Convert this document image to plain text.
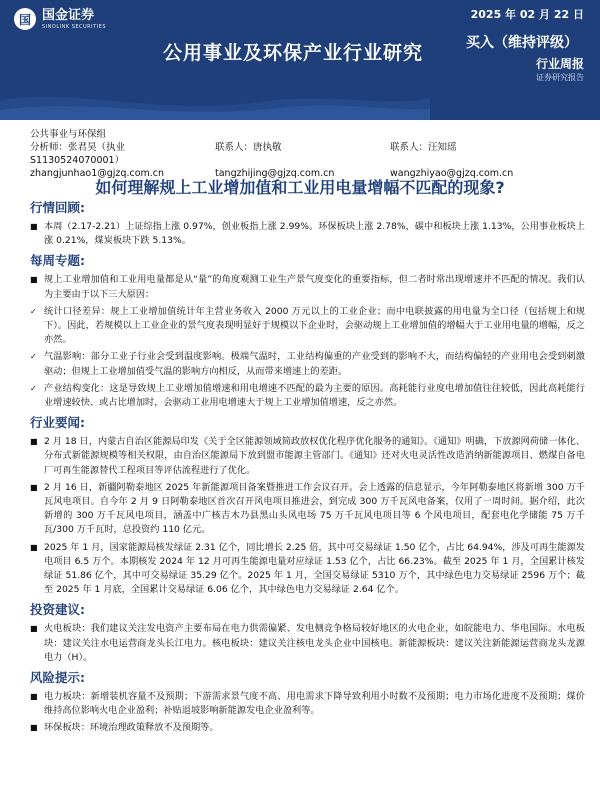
国 国金证券
SINOLINK SECURITIES
2025 年 02 月 22 日
公用事业及环保产业行业研究	买入（维持评级）
行业周报
证券研究报告
公共事业与环保组
分析师：张君昊（执业 S1130524070001）
联系人：唐执敬	联系人：汪知瑶
zhangjunhao1@gjzq.com.cn	tangzhijing@gjzq.com.cn	wangzhiyao@gjzq.com.cn
如何理解规上工业增加值和工业用电量增幅不匹配的现象?
行情回顾:
■ 本周（2.17-2.21）上证综指上涨 0.97%，创业板指上涨 2.99%。环保板块上涨 2.78%，碳中和板块上涨 1.13%，公用事业板块上涨 0.21%，煤炭板块下跌 5.13%。
每周专题:
■ 规上工业增加值和工业用电量都是从“量”的角度观测工业生产景气度变化的重要指标，但二者时常出现增速并不匹配的情况。我们认为主要由于以下三大原因：
✓ 统计口径差异：规上工业增加值统计年主营业务收入 2000 万元以上的工业企业；而中电联披露的用电量为全口径（包括规上和规下）。因此，若规模以上工业企业的景气度表现明显好于规模以下企业时，会驱动规上工业增加值的增幅大于工业用电量的增幅，反之亦然。
✓ 气温影响：部分工业子行业会受到温度影响。极端气温时，工业结构偏重的产业受到的影响不大，而结构偏轻的产业用电会受到刺激驱动；但规上工业增加值受气温的影响方向相反，从而带来增速上的差距。
✓ 产业结构变化：这是导致规上工业增加值增速和用电增速不匹配的最为主要的原因。高耗能行业度电增加值往往较低，因此高耗能行业增速较快、或占比增加时，会驱动工业用电增速大于规上工业增加值增速，反之亦然。
行业要闻:
■ 2 月 18 日，内蒙古自治区能源局印发《关于全区能源领域简政放权优化程序优化服务的通知》。《通知》明确，下放源网荷储一体化、分布式新能源规模等相关权限，由自治区能源局下放到盟市能源主管部门。《通知》还对火电灵活性改造消纳新能源项目、燃煤自备电厂可再生能源替代工程项目等评估流程进行了优化。
■ 2 月 16 日，新疆阿勒泰地区 2025 年新能源项目备案暨推进工作会议召开。会上透露的信息显示，今年阿勒泰地区将新增 300 万千瓦风电项目。自今年 2 月 9 日阿勒泰地区首次召开风电项目推进会，到完成 300 万千瓦风电备案，仅用了一周时间。据介绍，此次新增的 300 万千瓦风电项目，涵盖中广核吉木乃县黑山头风电场 75 万千瓦风电项目等 6 个风电项目，配套电化学储能 75 万千瓦/300 万千瓦时，总投资约 110 亿元。
■ 2025 年 1 月，国家能源局核发绿证 2.31 亿个，同比增长 2.25 倍，其中可交易绿证 1.50 亿个，占比 64.94%，涉及可再生能源发电项目 6.5 万个。本期核发 2024 年 12 月可再生能源电量对应绿证 1.53 亿个，占比 66.23%。截至 2025 年 1 月，全国累计核发绿证 51.86 亿个，其中可交易绿证 35.29 亿个。2025 年 1 月，全国交易绿证 5310 万个，其中绿色电力交易绿证 2596 万个；截至 2025 年 1 月底，全国累计交易绿证 6.06 亿个，其中绿色电力交易绿证 2.64 亿个。
投资建议:
■ 火电板块：我们建议关注发电资产主要布局在电力供需偏紧、发电侧竞争格局较好地区的火电企业，如皖能电力、华电国际。水电板块：建议关注水电运营商龙头长江电力。核电板块：建议关注核电龙头企业中国核电。新能源板块：建议关注新能源运营商龙头龙源电力（H）。
风险提示:
■ 电力板块：新增装机容量不及预期；下游需求景气度不高、用电需求下降导致利用小时数不及预期；电力市场化进度不及预期；煤价维持高位影响火电企业盈利；补贴退坡影响新能源发电企业盈利等。
■ 环保板块：环境治理政策释放不及预期等。
